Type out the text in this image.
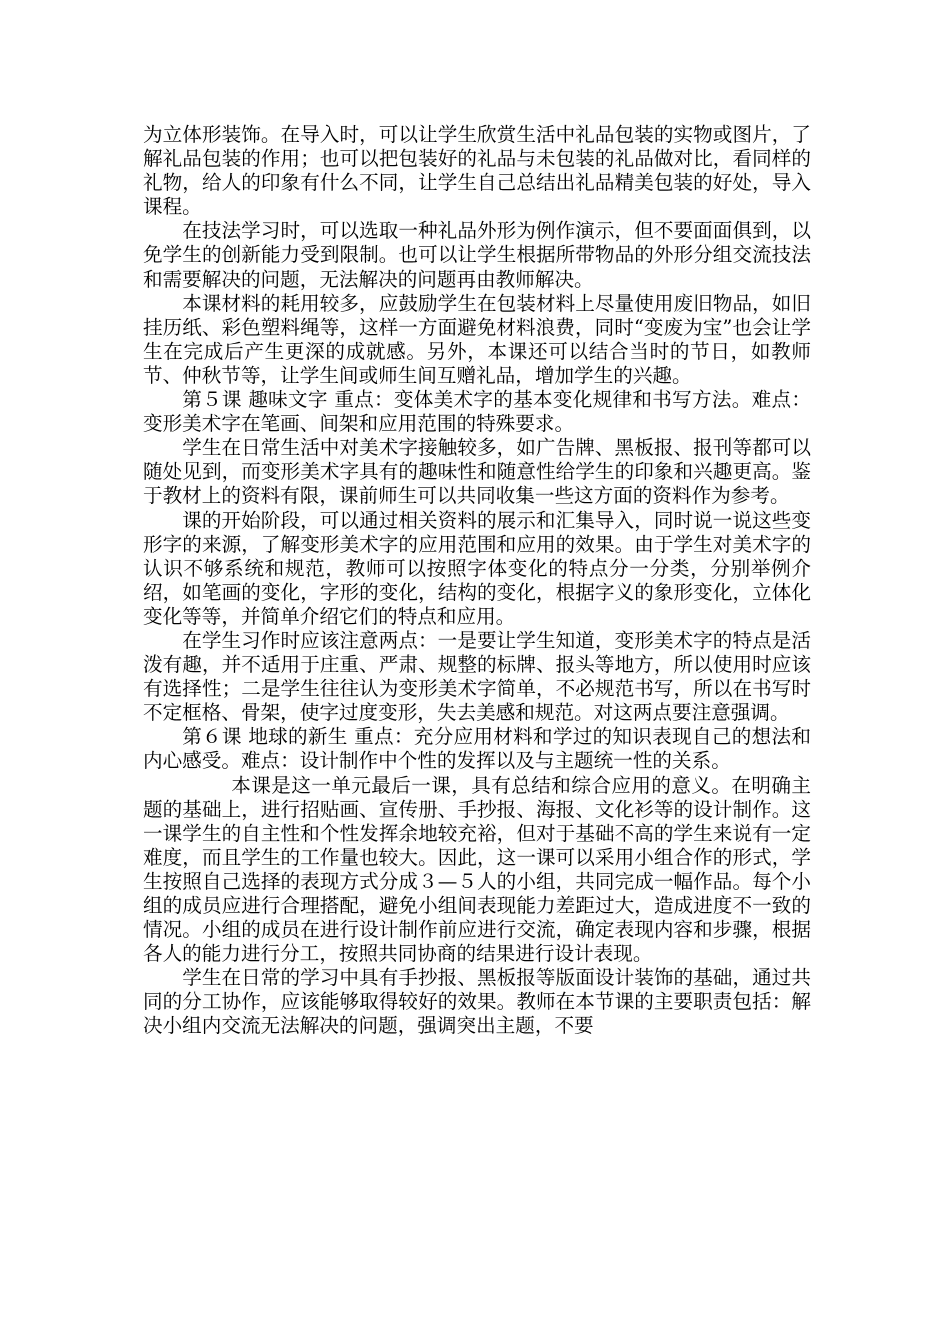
为立体形装饰。在导入时，可以让学生欣赏生活中礼品包装的实物或图片，了解礼品包装的作用；也可以把包装好的礼品与未包装的礼品做对比，看同样的礼物，给人的印象有什么不同，让学生自己总结出礼品精美包装的好处，导入课程。

在技法学习时，可以选取一种礼品外形为例作演示，但不要面面俱到，以免学生的创新能力受到限制。也可以让学生根据所带物品的外形分组交流技法和需要解决的问题，无法解决的问题再由教师解决。

本课材料的耗用较多，应鼓励学生在包装材料上尽量使用废旧物品，如旧挂历纸、彩色塑料绳等，这样一方面避免材料浪费，同时“变废为宝”也会让学生在完成后产生更深的成就感。另外，本课还可以结合当时的节日，如教师节、仲秋节等，让学生间或师生间互赠礼品，增加学生的兴趣。

第５课 趣味文字 重点：变体美术字的基本变化规律和书写方法。难点：变形美术字在笔画、间架和应用范围的特殊要求。

学生在日常生活中对美术字接触较多，如广告牌、黑板报、报刊等都可以随处见到，而变形美术字具有的趣味性和随意性给学生的印象和兴趣更高。鉴于教材上的资料有限，课前师生可以共同收集一些这方面的资料作为参考。

课的开始阶段，可以通过相关资料的展示和汇集导入，同时说一说这些变形字的来源，了解变形美术字的应用范围和应用的效果。由于学生对美术字的认识不够系统和规范，教师可以按照字体变化的特点分一分类，分别举例介绍，如笔画的变化，字形的变化，结构的变化，根据字义的象形变化，立体化变化等等，并简单介绍它们的特点和应用。

在学生习作时应该注意两点：一是要让学生知道，变形美术字的特点是活泼有趣，并不适用于庄重、严肃、规整的标牌、报头等地方，所以使用时应该有选择性；二是学生往往认为变形美术字简单，不必规范书写，所以在书写时不定框格、骨架，使字过度变形，失去美感和规范。对这两点要注意强调。

第６课 地球的新生 重点：充分应用材料和学过的知识表现自己的想法和内心感受。难点：设计制作中个性的发挥以及与主题统一性的关系。

本课是这一单元最后一课，具有总结和综合应用的意义。在明确主题的基础上，进行招贴画、宣传册、手抄报、海报、文化衫等的设计制作。这一课学生的自主性和个性发挥余地较充裕，但对于基础不高的学生来说有一定难度，而且学生的工作量也较大。因此，这一课可以采用小组合作的形式，学生按照自己选择的表现方式分成３—５人的小组，共同完成一幅作品。每个小组的成员应进行合理搭配，避免小组间表现能力差距过大，造成进度不一致的情况。小组的成员在进行设计制作前应进行交流，确定表现内容和步骤，根据各人的能力进行分工，按照共同协商的结果进行设计表现。

学生在日常的学习中具有手抄报、黑板报等版面设计装饰的基础，通过共同的分工协作，应该能够取得较好的效果。教师在本节课的主要职责包括：解决小组内交流无法解决的问题，强调突出主题，不要
